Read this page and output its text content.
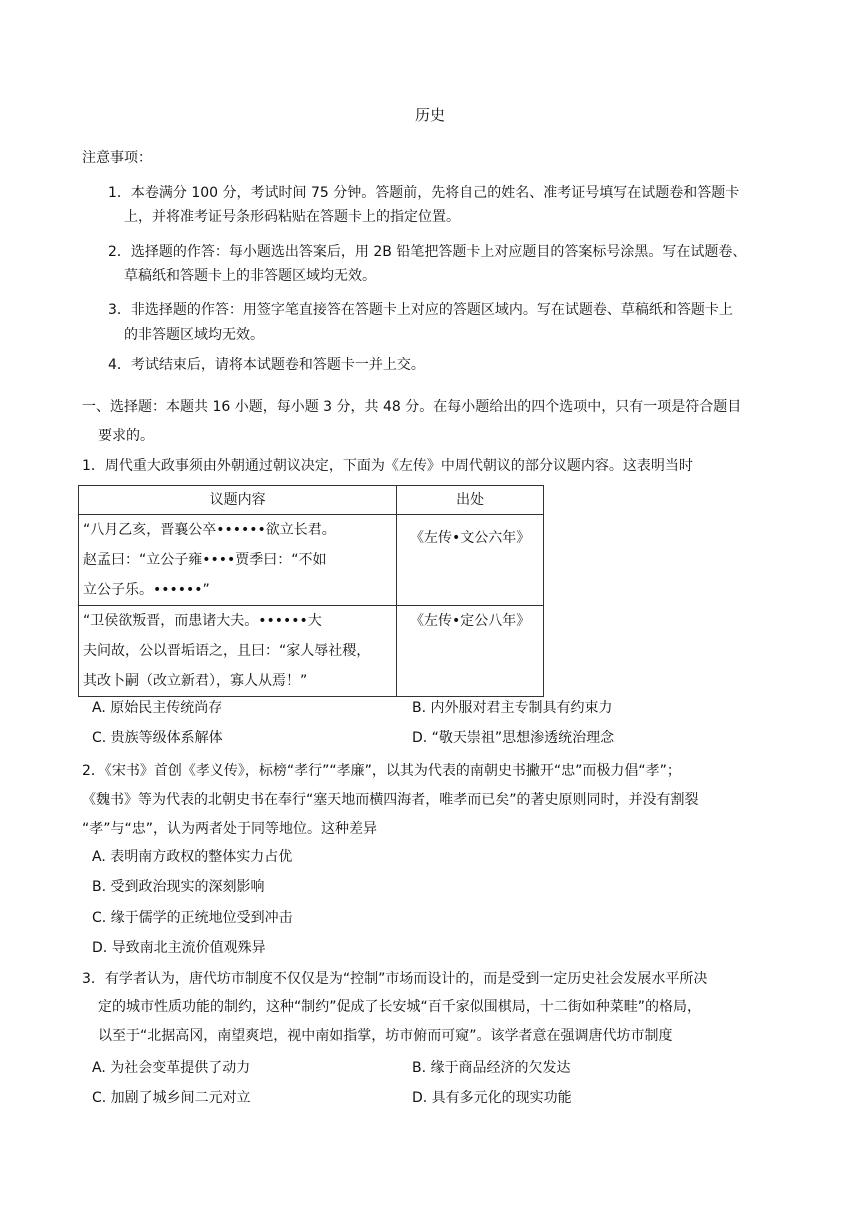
历史
注意事项：
1．本卷满分 100 分，考试时间 75 分钟。答题前，先将自己的姓名、准考证号填写在试题卷和答题卡
上，并将准考证号条形码粘贴在答题卡上的指定位置。
2．选择题的作答：每小题选出答案后，用 2B 铅笔把答题卡上对应题目的答案标号涂黑。写在试题卷、
草稿纸和答题卡上的非答题区域均无效。
3．非选择题的作答：用签字笔直接答在答题卡上对应的答题区域内。写在试题卷、草稿纸和答题卡上
的非答题区域均无效。
4．考试结束后，请将本试题卷和答题卡一并上交。
一、选择题：本题共 16 小题，每小题 3 分，共 48 分。在每小题给出的四个选项中，只有一项是符合题目
要求的。
1．周代重大政事须由外朝通过朝议决定，下面为《左传》中周代朝议的部分议题内容。这表明当时
议题内容	出处

“八月乙亥，晋襄公卒••••••欲立长君。
赵孟曰：“立公子雍••••贾季曰：“不如
立公子乐。••••••”	《左传•文公六年》

“卫侯欲叛晋，而患诸大夫。••••••大
夫问故，公以晋垢语之，且曰：“家人辱社稷，
其改卜嗣（改立新君），寡人从焉！”	《左传•定公八年》
A. 原始民主传统尚存	B. 内外服对君主专制具有约束力
C. 贵族等级体系解体	D. “敬天崇祖”思想渗透统治理念
2．《宋书》首创《孝义传》，标榜“孝行”“孝廉”，以其为代表的南朝史书撇开“忠”而极力倡“孝”；
《魏书》等为代表的北朝史书在奉行“塞天地而横四海者，唯孝而已矣”的著史原则同时，并没有割裂
“孝”与“忠”，认为两者处于同等地位。这种差异
A. 表明南方政权的整体实力占优
B. 受到政治现实的深刻影响
C. 缘于儒学的正统地位受到冲击
D. 导致南北主流价值观殊异
3．有学者认为，唐代坊市制度不仅仅是为“控制”市场而设计的，而是受到一定历史社会发展水平所决
定的城市性质功能的制约，这种“制约”促成了长安城“百千家似围棋局，十二街如种菜畦”的格局，
以至于“北据高冈，南望爽垲，视中南如指掌，坊市俯而可窥”。该学者意在强调唐代坊市制度
A. 为社会变革提供了动力	B. 缘于商品经济的欠发达
C. 加剧了城乡间二元对立	D. 具有多元化的现实功能
